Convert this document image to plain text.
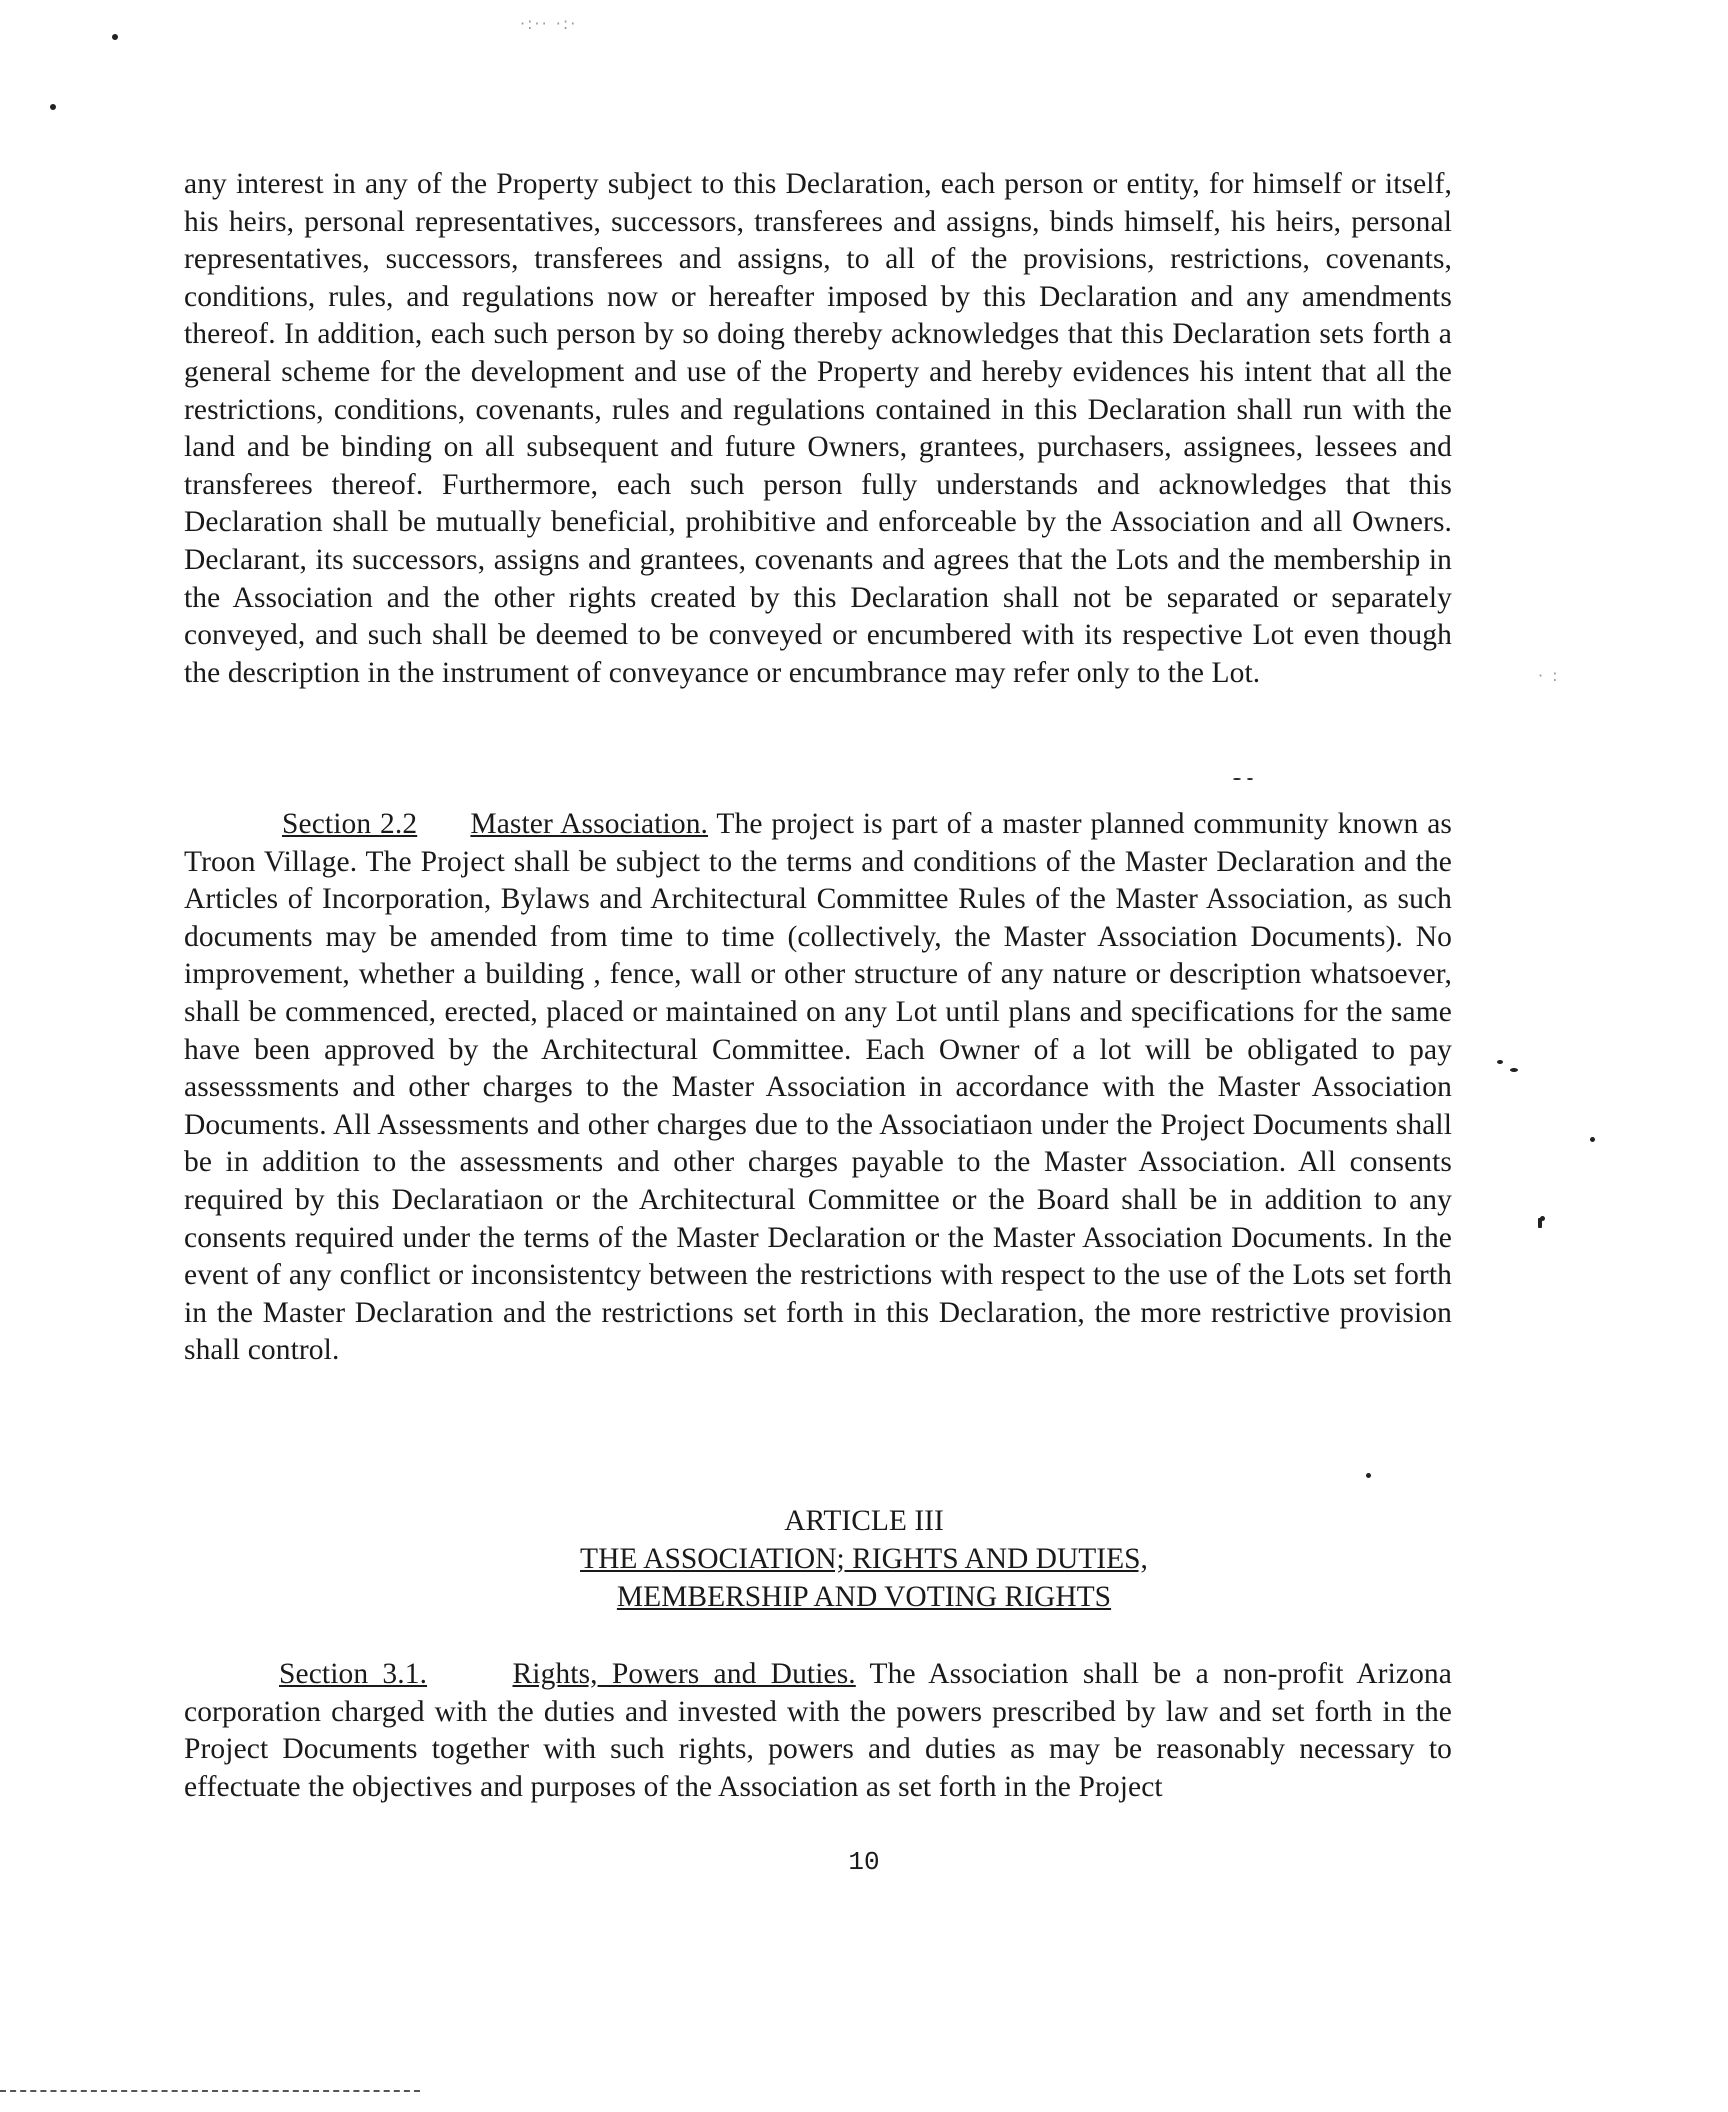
·:·· ·:·
· :

any interest in any of the Property subject to this Declaration, each person or entity, for himself or itself, his heirs, personal representatives, successors, transferees and assigns, binds himself, his heirs, personal representatives, successors, transferees and assigns, to all of the provisions, restrictions, covenants, conditions, rules, and regulations now or hereafter imposed by this Declaration and any amendments thereof. In addition, each such person by so doing thereby acknowledges that this Declaration sets forth a general scheme for the development and use of the Property and hereby evidences his intent that all the restrictions, conditions, covenants, rules and regulations contained in this Declaration shall run with the land and be binding on all subsequent and future Owners, grantees, purchasers, assignees, lessees and transferees thereof. Furthermore, each such person fully understands and acknowledges that this Declaration shall be mutually beneficial, prohibitive and enforceable by the Association and all Owners. Declarant, its successors, assigns and grantees, covenants and agrees that the Lots and the membership in the Association and the other rights created by this Declaration shall not be separated or separately conveyed, and such shall be deemed to be conveyed or encumbered with its respective Lot even though the description in the instrument of conveyance or encumbrance may refer only to the Lot.

Section 2.2 Master Association. The project is part of a master planned community known as Troon Village. The Project shall be subject to the terms and conditions of the Master Declaration and the Articles of Incorporation, Bylaws and Architectural Committee Rules of the Master Association, as such documents may be amended from time to time (collectively, the Master Association Documents). No improvement, whether a building , fence, wall or other structure of any nature or description whatsoever, shall be commenced, erected, placed or maintained on any Lot until plans and specifications for the same have been approved by the Architectural Committee. Each Owner of a lot will be obligated to pay assesssments and other charges to the Master Association in accordance with the Master Association Documents. All Assessments and other charges due to the Associatiaon under the Project Documents shall be in addition to the assessments and other charges payable to the Master Association. All consents required by this Declaratiaon or the Architectural Committee or the Board shall be in addition to any consents required under the terms of the Master Declaration or the Master Association Documents. In the event of any conflict or inconsistentcy between the restrictions with respect to the use of the Lots set forth in the Master Declaration and the restrictions set forth in this Declaration, the more restrictive provision shall control.

ARTICLE III
THE ASSOCIATION; RIGHTS AND DUTIES,
MEMBERSHIP AND VOTING RIGHTS

Section 3.1.	Rights, Powers and Duties. The Association shall be a non-profit Arizona corporation charged with the duties and invested with the powers prescribed by law and set forth in the Project Documents together with such rights, powers and duties as may be reasonably necessary to effectuate the objectives and purposes of the Association as set forth in the Project

10
